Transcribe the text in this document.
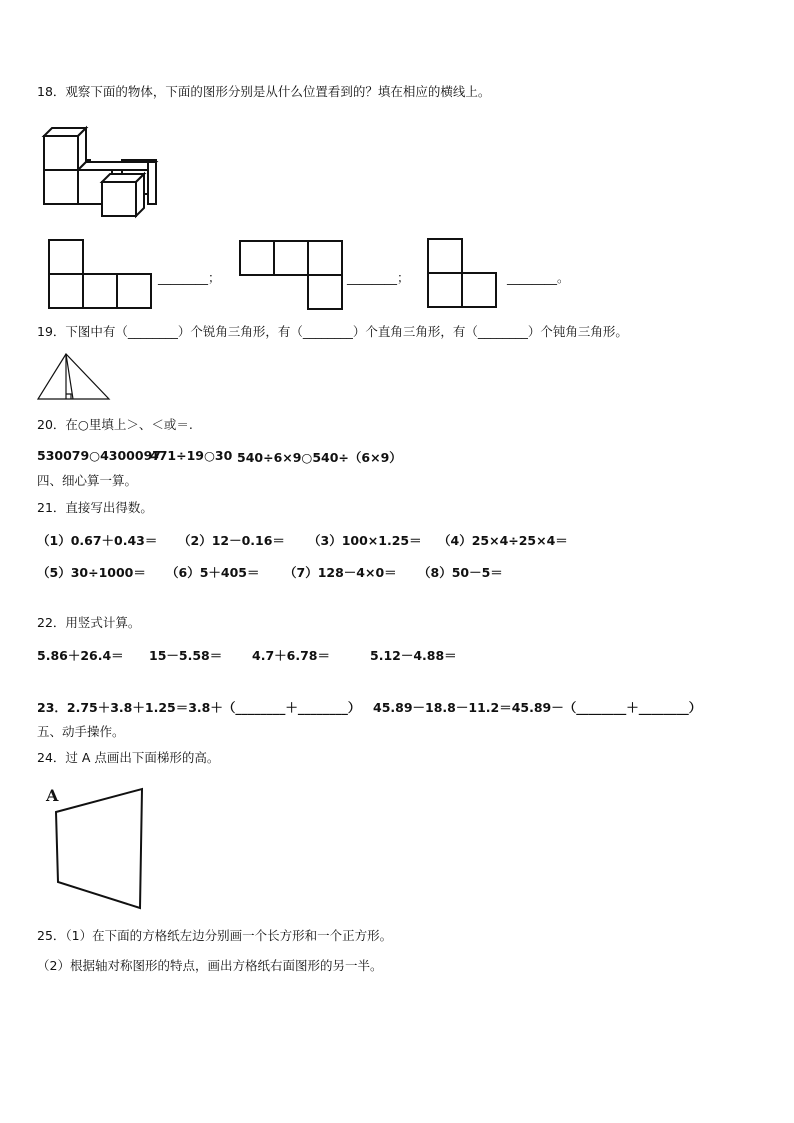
18．观察下面的物体，下面的图形分别是从什么位置看到的？填在相应的横线上。
________；	________；	________。
19．下图中有（________）个锐角三角形，有（________）个直角三角形，有（________）个钝角三角形。
20．在○里填上＞、＜或＝.
530079○4300097
471÷19○30 540÷6×9○540÷（6×9）
四、细心算一算。
21．直接写出得数。
（1）0.67＋0.43＝ （2）12－0.16＝ （3）100×1.25＝ （4）25×4÷25×4＝
（5）30÷1000＝ （6）5＋405＝ （7）128－4×0＝ （8）50－5＝
22．用竖式计算。
5.86＋26.4＝ 15－5.58＝ 4.7＋6.78＝	5.12－4.88＝
23．2.75＋3.8＋1.25＝3.8＋（________＋________） 45.89－18.8－11.2＝45.89－（________＋________）
五、动手操作。
24．过 A 点画出下面梯形的高。
A
25．（1）在下面的方格纸左边分别画一个长方形和一个正方形。
（2）根据轴对称图形的特点，画出方格纸右面图形的另一半。
